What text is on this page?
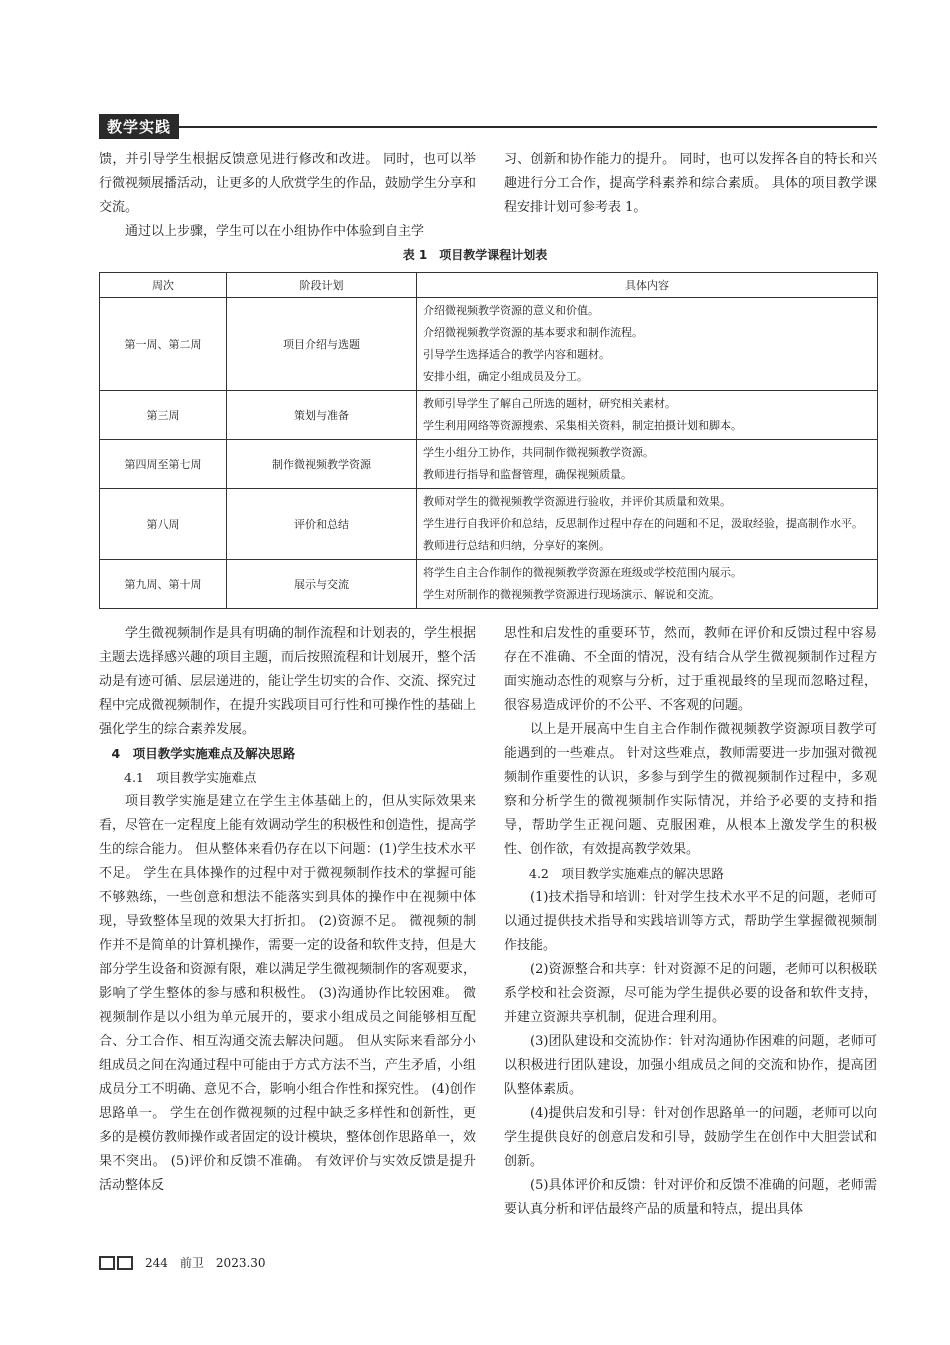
教学实践

馈，并引导学生根据反馈意见进行修改和改进。 同时，也可以举行微视频展播活动，让更多的人欣赏学生的作品，鼓励学生分享和交流。

通过以上步骤，学生可以在小组协作中体验到自主学

习、创新和协作能力的提升。 同时，也可以发挥各自的特长和兴趣进行分工合作，提高学科素养和综合素质。 具体的项目教学课程安排计划可参考表 1。

表 1　项目教学课程计划表
周次	阶段计划	具体内容
第一周、第二周	项目介绍与选题	介绍微视频教学资源的意义和价值。
介绍微视频教学资源的基本要求和制作流程。
引导学生选择适合的教学内容和题材。
安排小组，确定小组成员及分工。

第三周	策划与准备	教师引导学生了解自己所选的题材，研究相关素材。
学生利用网络等资源搜索、采集相关资料，制定拍摄计划和脚本。

第四周至第七周	制作微视频教学资源	学生小组分工协作，共同制作微视频教学资源。
教师进行指导和监督管理，确保视频质量。

第八周	评价和总结	教师对学生的微视频教学资源进行验收，并评价其质量和效果。
学生进行自我评价和总结，反思制作过程中存在的问题和不足，汲取经验，提高制作水平。
教师进行总结和归纳，分享好的案例。

第九周、第十周	展示与交流	将学生自主合作制作的微视频教学资源在班级或学校范围内展示。
学生对所制作的微视频教学资源进行现场演示、解说和交流。

学生微视频制作是具有明确的制作流程和计划表的，学生根据主题去选择感兴趣的项目主题，而后按照流程和计划展开，整个活动是有迹可循、层层递进的，能让学生切实的合作、交流、探究过程中完成微视频制作，在提升实践项目可行性和可操作性的基础上强化学生的综合素养发展。

4　项目教学实施难点及解决思路

4.1　项目教学实施难点

项目教学实施是建立在学生主体基础上的，但从实际效果来看，尽管在一定程度上能有效调动学生的积极性和创造性，提高学生的综合能力。 但从整体来看仍存在以下问题：(1)学生技术水平不足。 学生在具体操作的过程中对于微视频制作技术的掌握可能不够熟练，一些创意和想法不能落实到具体的操作中在视频中体现，导致整体呈现的效果大打折扣。 (2)资源不足。 微视频的制作并不是简单的计算机操作，需要一定的设备和软件支持，但是大部分学生设备和资源有限，难以满足学生微视频制作的客观要求，影响了学生整体的参与感和积极性。 (3)沟通协作比较困难。 微视频制作是以小组为单元展开的，要求小组成员之间能够相互配合、分工合作、相互沟通交流去解决问题。 但从实际来看部分小组成员之间在沟通过程中可能由于方式方法不当，产生矛盾，小组成员分工不明确、意见不合，影响小组合作性和探究性。 (4)创作思路单一。 学生在创作微视频的过程中缺乏多样性和创新性，更多的是模仿教师操作或者固定的设计模块，整体创作思路单一，效果不突出。 (5)评价和反馈不准确。 有效评价与实效反馈是提升活动整体反

思性和启发性的重要环节，然而，教师在评价和反馈过程中容易存在不准确、不全面的情况，没有结合从学生微视频制作过程方面实施动态性的观察与分析，过于重视最终的呈现而忽略过程，很容易造成评价的不公平、不客观的问题。

以上是开展高中生自主合作制作微视频教学资源项目教学可能遇到的一些难点。 针对这些难点，教师需要进一步加强对微视频制作重要性的认识，多参与到学生的微视频制作过程中，多观察和分析学生的微视频制作实际情况，并给予必要的支持和指导，帮助学生正视问题、克服困难，从根本上激发学生的积极性、创作欲，有效提高教学效果。

4.2　项目教学实施难点的解决思路

(1)技术指导和培训：针对学生技术水平不足的问题，老师可以通过提供技术指导和实践培训等方式，帮助学生掌握微视频制作技能。

(2)资源整合和共享：针对资源不足的问题，老师可以积极联系学校和社会资源，尽可能为学生提供必要的设备和软件支持，并建立资源共享机制，促进合理利用。

(3)团队建设和交流协作：针对沟通协作困难的问题，老师可以积极进行团队建设，加强小组成员之间的交流和协作，提高团队整体素质。

(4)提供启发和引导：针对创作思路单一的问题，老师可以向学生提供良好的创意启发和引导，鼓励学生在创作中大胆尝试和创新。

(5)具体评价和反馈：针对评价和反馈不准确的问题，老师需要认真分析和评估最终产品的质量和特点，提出具体

244 前卫 2023.30
